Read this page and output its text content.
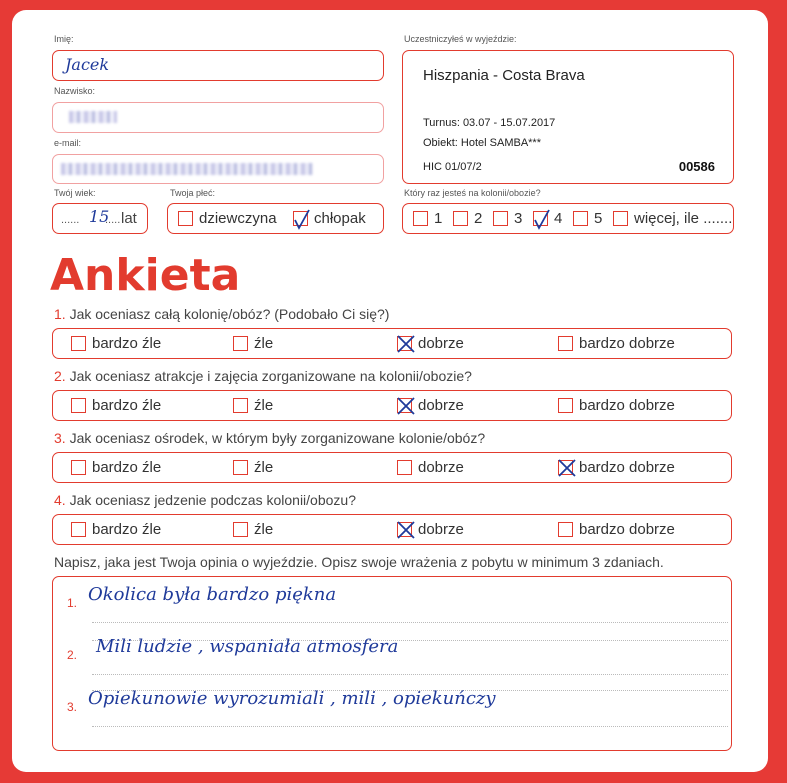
Imię:
Jacek
Nazwisko:
e-mail:
Twój wiek:
...... 15
..... lat
Twoja płeć:
dziewczyna chłopak
Uczestniczyłeś w wyjeździe:
Hiszpania - Costa Brava
Turnus: 03.07 - 15.07.2017
Obiekt: Hotel SAMBA***
HIC 01/07/2	00586
Który raz jesteś na kolonii/obozie?
1 2 3 4 5 więcej, ile .......
Ankieta
1. Jak oceniasz całą kolonię/obóz? (Podobało Ci się?)
bardzo źle	źle	dobrze	bardzo dobrze
2. Jak oceniasz atrakcje i zajęcia zorganizowane na kolonii/obozie?
bardzo źle	źle	dobrze	bardzo dobrze
3. Jak oceniasz ośrodek, w którym były zorganizowane kolonie/obóz?
bardzo źle	źle	dobrze	bardzo dobrze
4. Jak oceniasz jedzenie podczas kolonii/obozu?
bardzo źle	źle	dobrze	bardzo dobrze
Napisz, jaka jest Twoja opinia o wyjeździe. Opisz swoje wrażenia z pobytu w minimum 3 zdaniach.
1. Okolica była bardzo piękna
2. Mili ludzie , wspaniała atmosfera
3. Opiekunowie wyrozumiali , mili , opiekuńczy
